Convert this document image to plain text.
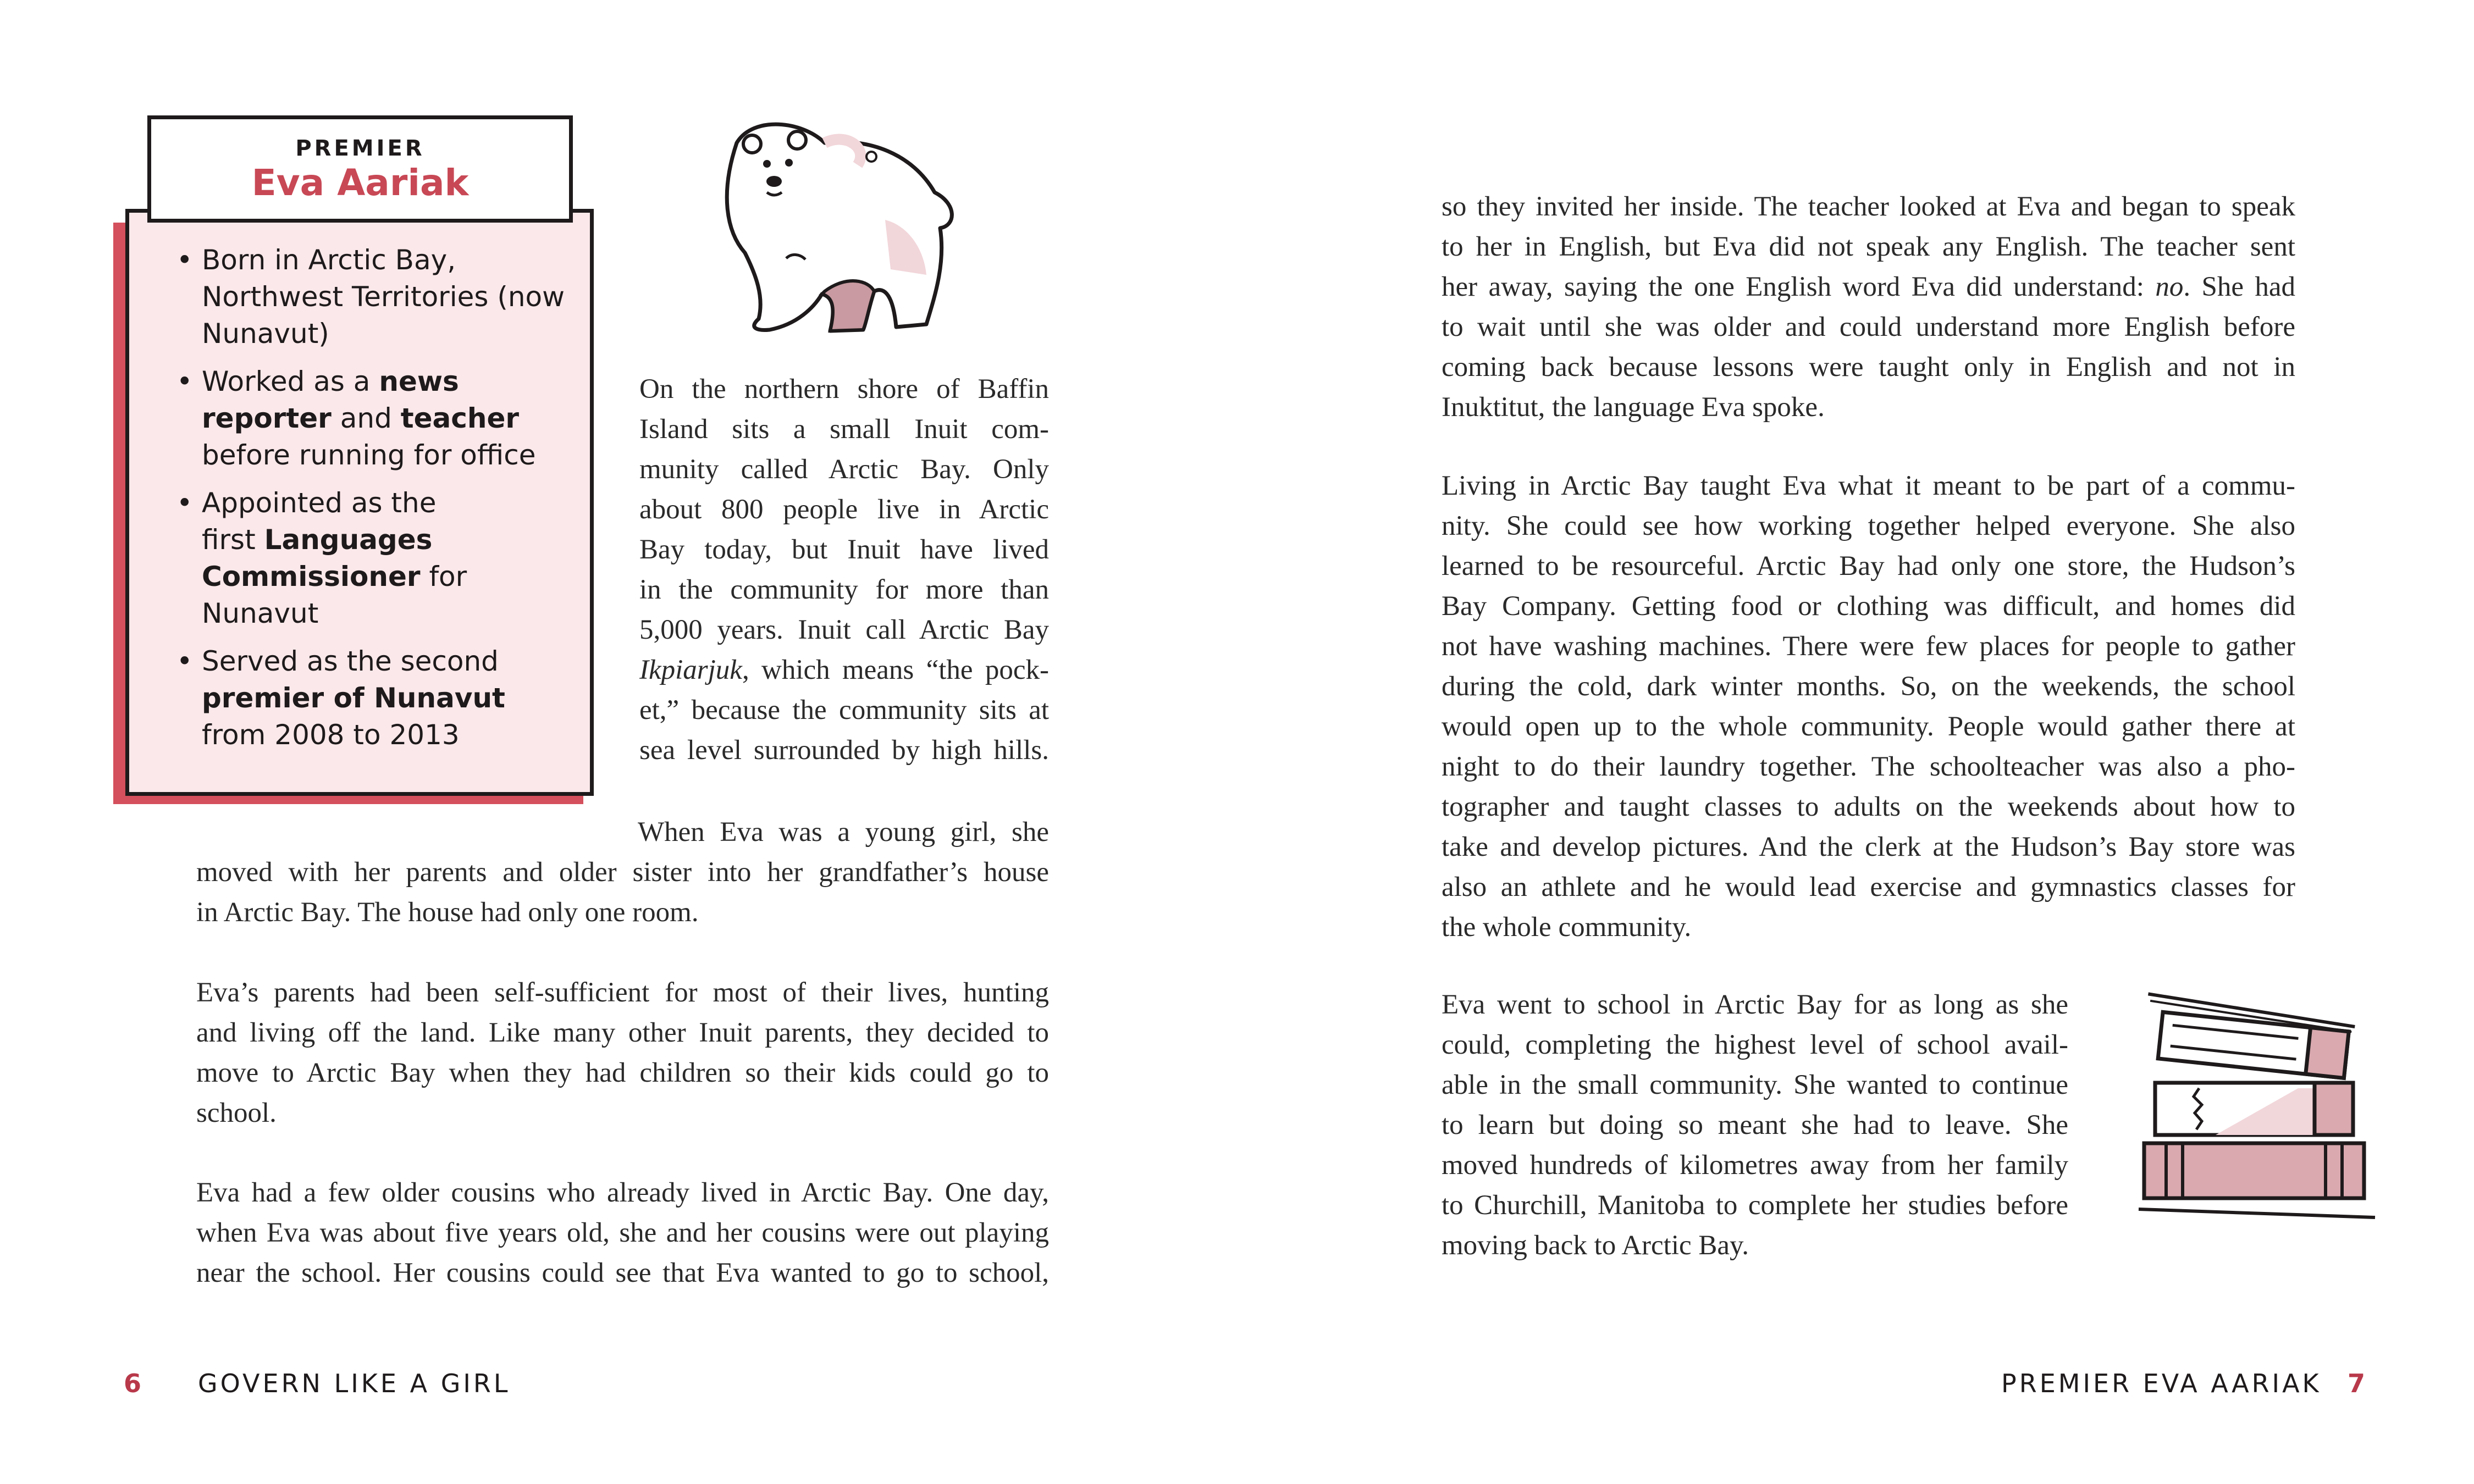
PREMIER
Eva Aariak
• Born in Arctic Bay,
Northwest Territories (now
Nunavut)
• Worked as a news
reporter and teacher
before running for office
• Appointed as the
first Languages
Commissioner for
Nunavut
• Served as the second
premier of Nunavut
from 2008 to 2013
On the northern shore of Baffin
Island sits a small Inuit com-
munity called Arctic Bay. Only
about 800 people live in Arctic
Bay today, but Inuit have lived
in the community for more than
5,000 years. Inuit call Arctic Bay
Ikpiarjuk, which means “the pock-
et,” because the community sits at
sea level surrounded by high hills.
When Eva was a young girl, she
moved with her parents and older sister into her grandfather’s house
in Arctic Bay. The house had only one room.
Eva’s parents had been self-sufficient for most of their lives, hunting
and living off the land. Like many other Inuit parents, they decided to
move to Arctic Bay when they had children so their kids could go to
school.
Eva had a few older cousins who already lived in Arctic Bay. One day,
when Eva was about five years old, she and her cousins were out playing
near the school. Her cousins could see that Eva wanted to go to school,
6 GOVERN LIKE A GIRL
so they invited her inside. The teacher looked at Eva and began to speak
to her in English, but Eva did not speak any English. The teacher sent
her away, saying the one English word Eva did understand: no. She had
to wait until she was older and could understand more English before
coming back because lessons were taught only in English and not in
Inuktitut, the language Eva spoke.
Living in Arctic Bay taught Eva what it meant to be part of a commu-
nity. She could see how working together helped everyone. She also
learned to be resourceful. Arctic Bay had only one store, the Hudson’s
Bay Company. Getting food or clothing was difficult, and homes did
not have washing machines. There were few places for people to gather
during the cold, dark winter months. So, on the weekends, the school
would open up to the whole community. People would gather there at
night to do their laundry together. The schoolteacher was also a pho-
tographer and taught classes to adults on the weekends about how to
take and develop pictures. And the clerk at the Hudson’s Bay store was
also an athlete and he would lead exercise and gymnastics classes for
the whole community.
Eva went to school in Arctic Bay for as long as she
could, completing the highest level of school avail-
able in the small community. She wanted to continue
to learn but doing so meant she had to leave. She
moved hundreds of kilometres away from her family
to Churchill, Manitoba to complete her studies before
moving back to Arctic Bay.
PREMIER EVA AARIAK 7
